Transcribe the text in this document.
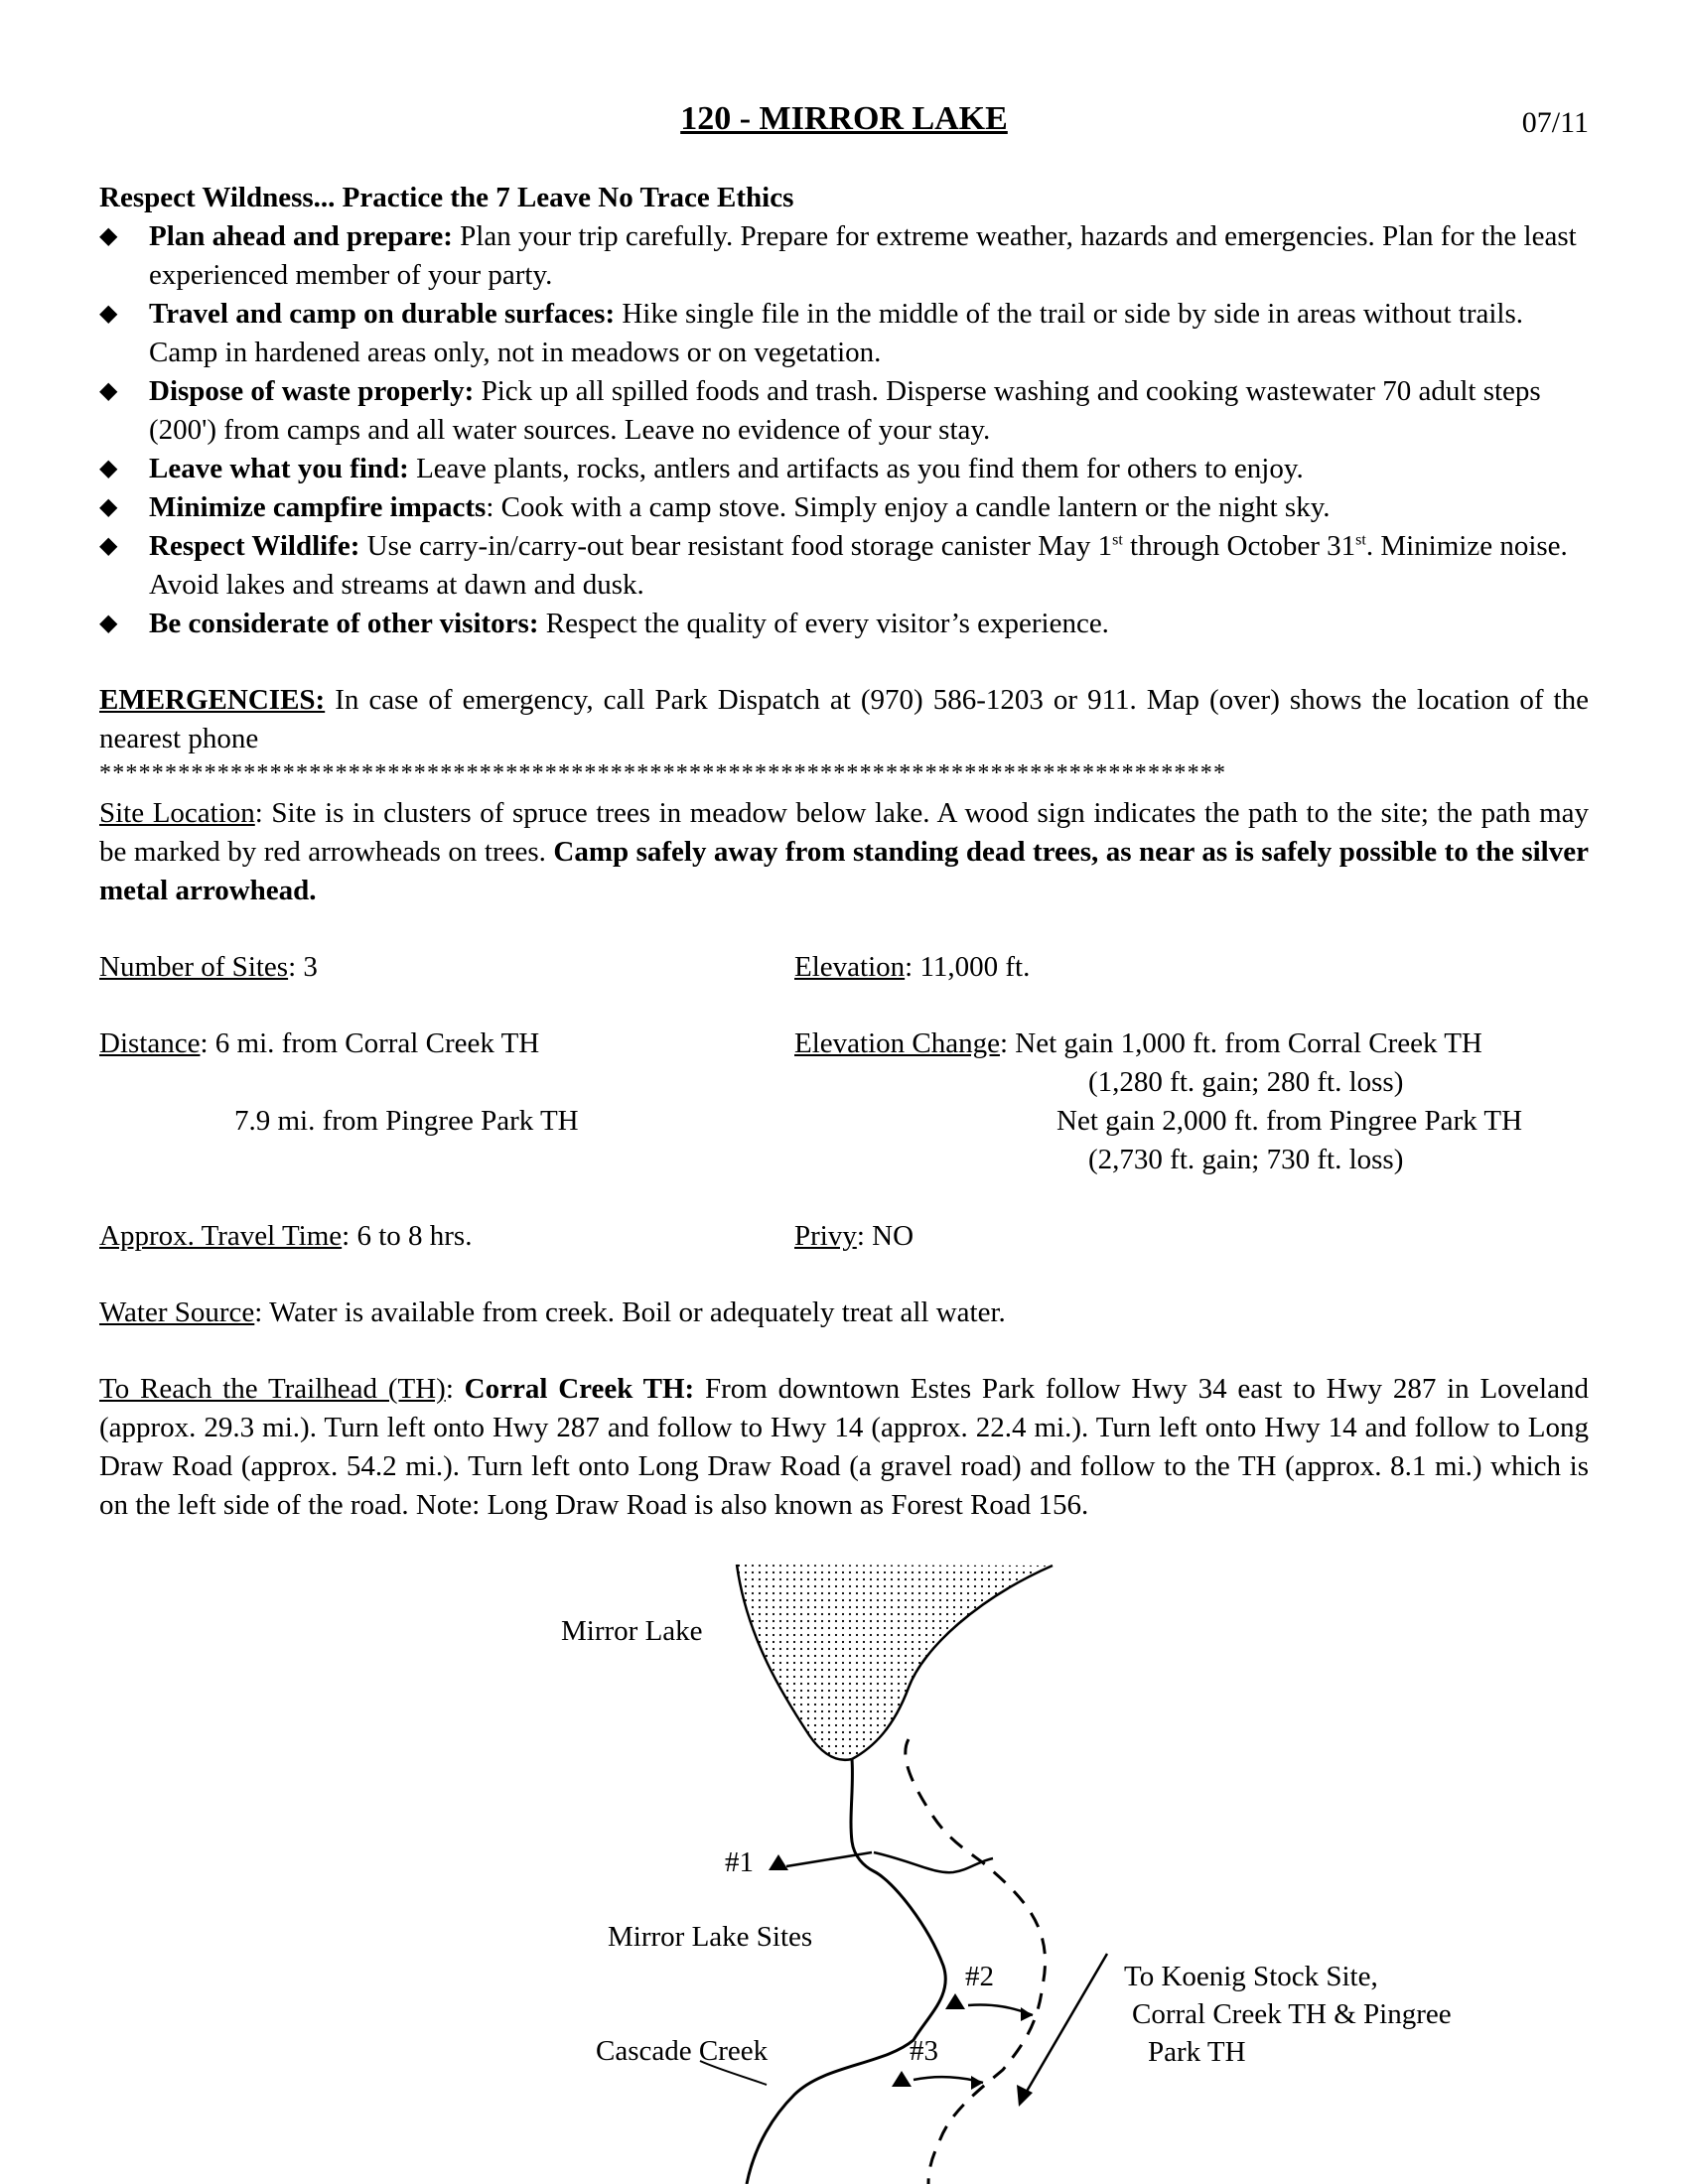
120 - MIRROR LAKE	07/11
Respect Wildness... Practice the 7 Leave No Trace Ethics
◆ Plan ahead and prepare: Plan your trip carefully. Prepare for extreme weather, hazards and emergencies. Plan for the least experienced member of your party.
◆ Travel and camp on durable surfaces: Hike single file in the middle of the trail or side by side in areas without trails. Camp in hardened areas only, not in meadows or on vegetation.
◆ Dispose of waste properly: Pick up all spilled foods and trash. Disperse washing and cooking wastewater 70 adult steps (200') from camps and all water sources. Leave no evidence of your stay.
◆ Leave what you find: Leave plants, rocks, antlers and artifacts as you find them for others to enjoy.
◆ Minimize campfire impacts: Cook with a camp stove. Simply enjoy a candle lantern or the night sky.
◆ Respect Wildlife: Use carry-in/carry-out bear resistant food storage canister May 1st through October 31st. Minimize noise. Avoid lakes and streams at dawn and dusk.
◆ Be considerate of other visitors: Respect the quality of every visitor’s experience.
EMERGENCIES: In case of emergency, call Park Dispatch at (970) 586-1203 or 911. Map (over) shows the location of the nearest phone
**************************************************************************************
Site Location: Site is in clusters of spruce trees in meadow below lake. A wood sign indicates the path to the site; the path may be marked by red arrowheads on trees. Camp safely away from standing dead trees, as near as is safely possible to the silver metal arrowhead.
Number of Sites: 3	Elevation: 11,000 ft.
Distance: 6 mi. from Corral Creek TH
7.9 mi. from Pingree Park TH
Elevation Change: Net gain 1,000 ft. from Corral Creek TH
(1,280 ft. gain; 280 ft. loss)
Net gain 2,000 ft. from Pingree Park TH
(2,730 ft. gain; 730 ft. loss)
Approx. Travel Time: 6 to 8 hrs.	Privy: NO
Water Source: Water is available from creek. Boil or adequately treat all water.
To Reach the Trailhead (TH): Corral Creek TH: From downtown Estes Park follow Hwy 34 east to Hwy 287 in Loveland (approx. 29.3 mi.). Turn left onto Hwy 287 and follow to Hwy 14 (approx. 22.4 mi.). Turn left onto Hwy 14 and follow to Long Draw Road (approx. 54.2 mi.). Turn left onto Long Draw Road (a gravel road) and follow to the TH (approx. 8.1 mi.) which is on the left side of the road. Note: Long Draw Road is also known as Forest Road 156.
Mirror Lake
#1
Mirror Lake Sites
#2
#3
Cascade Creek
To Koenig Stock Site,
Corral Creek TH & Pingree
Park TH
